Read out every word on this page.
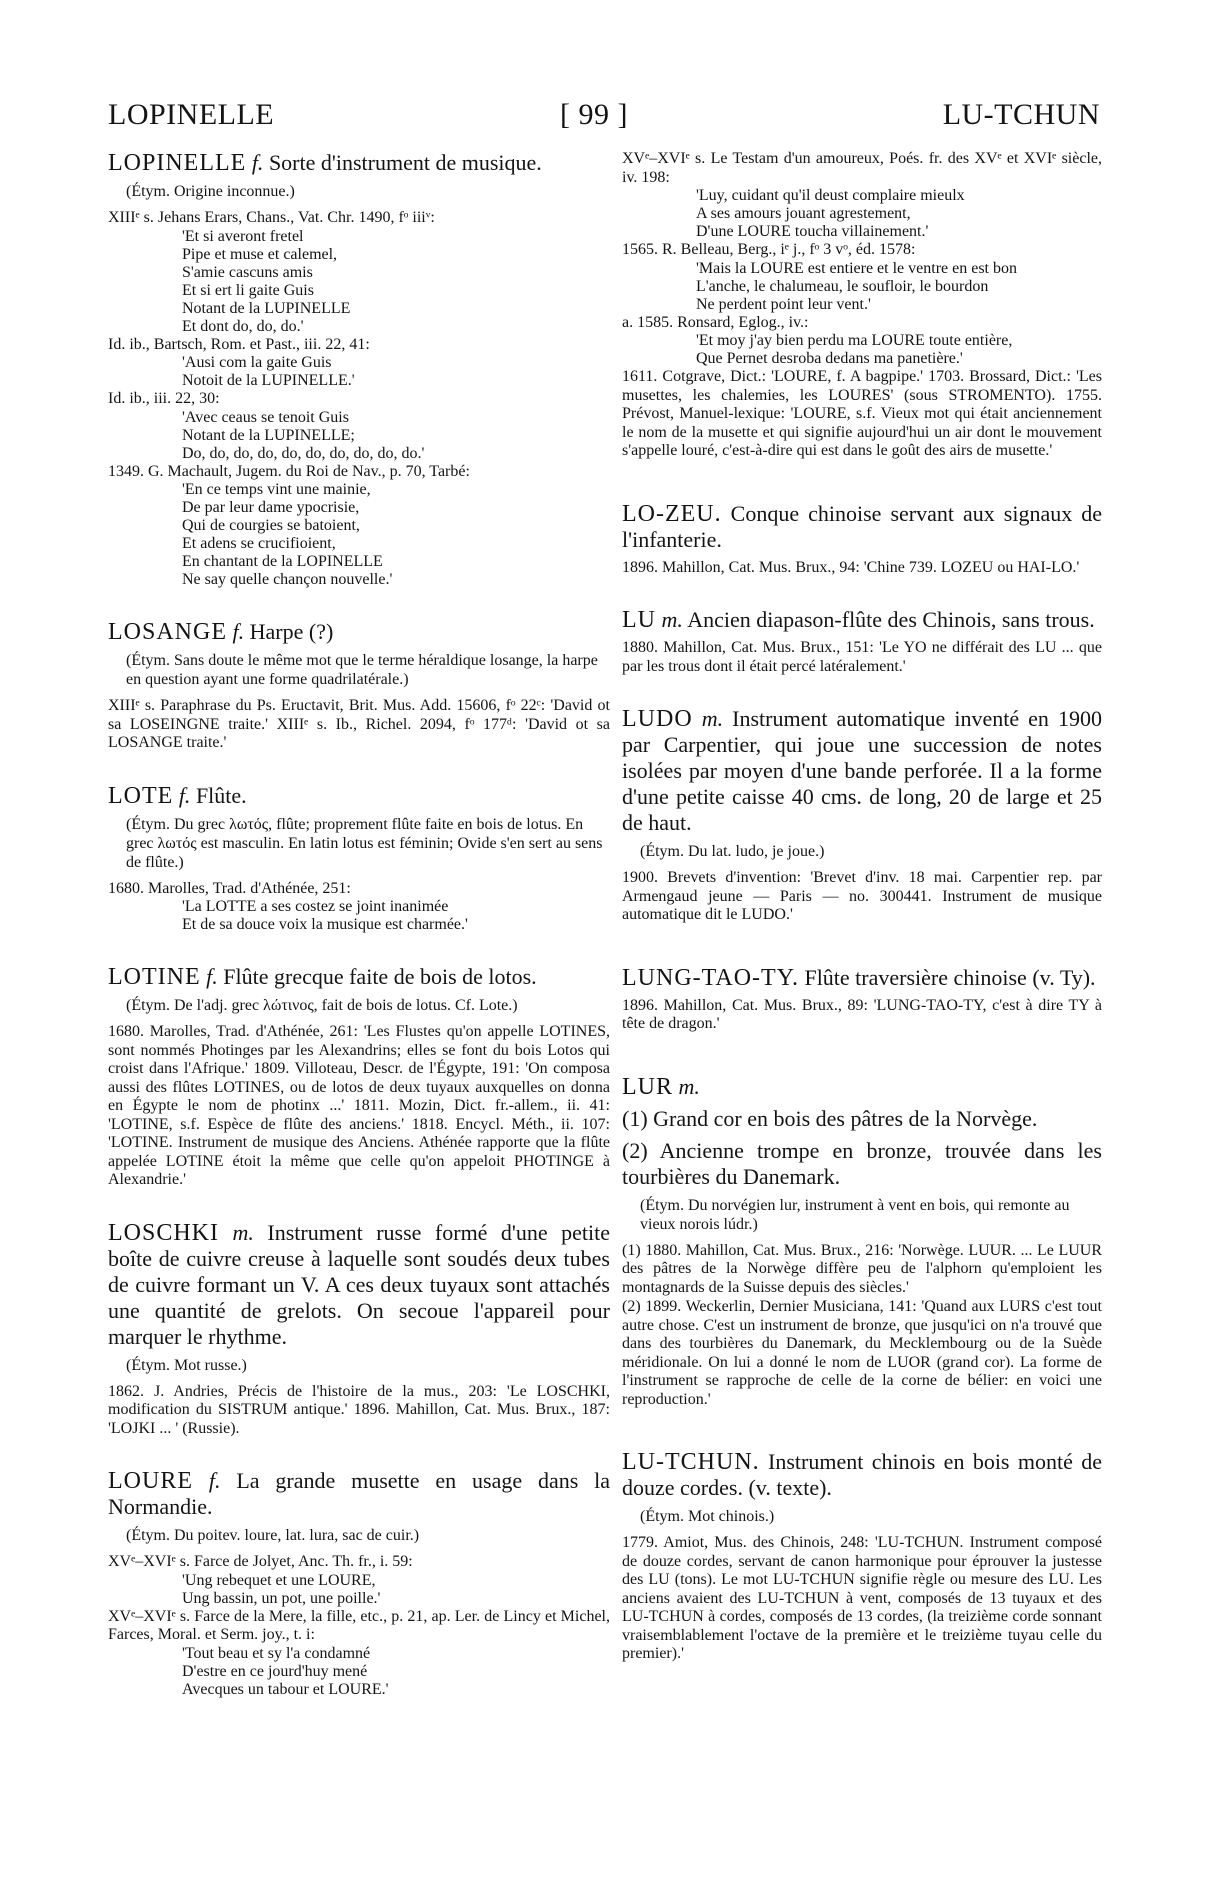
LOPINELLE	[ 99 ]	LU-TCHUN

LOPINELLE f. Sorte d'instrument de musique.

(Étym. Origine inconnue.)

XIIIᵉ s. Jehans Erars, Chans., Vat. Chr. 1490, fᵒ iiiᵛ:

'Et si averont fretel
Pipe et muse et calemel,
S'amie cascuns amis
Et si ert li gaite Guis
Notant de la LUPINELLE
Et dont do, do, do.'

Id. ib., Bartsch, Rom. et Past., iii. 22, 41:

'Ausi com la gaite Guis
Notoit de la LUPINELLE.'

Id. ib., iii. 22, 30:

'Avec ceaus se tenoit Guis
Notant de la LUPINELLE;
Do, do, do, do, do, do, do, do, do, do.'

1349. G. Machault, Jugem. du Roi de Nav., p. 70, Tarbé:

'En ce temps vint une mainie,
De par leur dame ypocrisie,
Qui de courgies se batoient,
Et adens se crucifioient,
En chantant de la LOPINELLE
Ne say quelle chançon nouvelle.'

LOSANGE f. Harpe (?)

(Étym. Sans doute le même mot que le terme héraldique losange, la harpe en question ayant une forme quadrilatérale.)

XIIIᵉ s. Paraphrase du Ps. Eructavit, Brit. Mus. Add. 15606, fᵒ 22ᶜ: 'David ot sa LOSEINGNE traite.' XIIIᵉ s. Ib., Richel. 2094, fᵒ 177ᵈ: 'David ot sa LOSANGE traite.'

LOTE f. Flûte.

(Étym. Du grec λωτός, flûte; proprement flûte faite en bois de lotus. En grec λωτός est masculin. En latin lotus est féminin; Ovide s'en sert au sens de flûte.)

1680. Marolles, Trad. d'Athénée, 251:

'La LOTTE a ses costez se joint inanimée
Et de sa douce voix la musique est charmée.'

LOTINE f. Flûte grecque faite de bois de lotos.

(Étym. De l'adj. grec λώτινος, fait de bois de lotus. Cf. Lote.)

1680. Marolles, Trad. d'Athénée, 261: 'Les Flustes qu'on appelle LOTINES, sont nommés Photinges par les Alexandrins; elles se font du bois Lotos qui croist dans l'Afrique.' 1809. Villoteau, Descr. de l'Égypte, 191: 'On composa aussi des flûtes LOTINES, ou de lotos de deux tuyaux auxquelles on donna en Égypte le nom de photinx ...' 1811. Mozin, Dict. fr.-allem., ii. 41: 'LOTINE, s.f. Espèce de flûte des anciens.' 1818. Encycl. Méth., ii. 107: 'LOTINE. Instrument de musique des Anciens. Athénée rapporte que la flûte appelée LOTINE étoit la même que celle qu'on appeloit PHOTINGE à Alexandrie.'

LOSCHKI m. Instrument russe formé d'une petite boîte de cuivre creuse à laquelle sont soudés deux tubes de cuivre formant un V. A ces deux tuyaux sont attachés une quantité de grelots. On secoue l'appareil pour marquer le rhythme.

(Étym. Mot russe.)

1862. J. Andries, Précis de l'histoire de la mus., 203: 'Le LOSCHKI, modification du SISTRUM antique.' 1896. Mahillon, Cat. Mus. Brux., 187: 'LOJKI ... ' (Russie).

LOURE f. La grande musette en usage dans la Normandie.

(Étym. Du poitev. loure, lat. lura, sac de cuir.)

XVᵉ–XVIᵉ s. Farce de Jolyet, Anc. Th. fr., i. 59:

'Ung rebequet et une LOURE,
Ung bassin, un pot, une poille.'

XVᵉ–XVIᵉ s. Farce de la Mere, la fille, etc., p. 21, ap. Ler. de Lincy et Michel, Farces, Moral. et Serm. joy., t. i:

'Tout beau et sy l'a condamné
D'estre en ce jourd'huy mené
Avecques un tabour et LOURE.'

XVᵉ–XVIᵉ s. Le Testam d'un amoureux, Poés. fr. des XVᵉ et XVIᵉ siècle, iv. 198:

'Luy, cuidant qu'il deust complaire mieulx
A ses amours jouant agrestement,
D'une LOURE toucha villainement.'

1565. R. Belleau, Berg., iᵉ j., fᵒ 3 vᵒ, éd. 1578:

'Mais la LOURE est entiere et le ventre en est bon
L'anche, le chalumeau, le soufloir, le bourdon
Ne perdent point leur vent.'

a. 1585. Ronsard, Eglog., iv.:

'Et moy j'ay bien perdu ma LOURE toute entière,
Que Pernet desroba dedans ma panetière.'

1611. Cotgrave, Dict.: 'LOURE, f. A bagpipe.' 1703. Brossard, Dict.: 'Les musettes, les chalemies, les LOURES' (sous STROMENTO). 1755. Prévost, Manuel-lexique: 'LOURE, s.f. Vieux mot qui était anciennement le nom de la musette et qui signifie aujourd'hui un air dont le mouvement s'appelle louré, c'est-à-dire qui est dans le goût des airs de musette.'

LO-ZEU. Conque chinoise servant aux signaux de l'infanterie.

1896. Mahillon, Cat. Mus. Brux., 94: 'Chine 739. LOZEU ou HAI-LO.'

LU m. Ancien diapason-flûte des Chinois, sans trous.

1880. Mahillon, Cat. Mus. Brux., 151: 'Le YO ne différait des LU ... que par les trous dont il était percé latéralement.'

LUDO m. Instrument automatique inventé en 1900 par Carpentier, qui joue une succession de notes isolées par moyen d'une bande perforée. Il a la forme d'une petite caisse 40 cms. de long, 20 de large et 25 de haut.

(Étym. Du lat. ludo, je joue.)

1900. Brevets d'invention: 'Brevet d'inv. 18 mai. Carpentier rep. par Armengaud jeune — Paris — no. 300441. Instrument de musique automatique dit le LUDO.'

LUNG-TAO-TY. Flûte traversière chinoise (v. Ty).

1896. Mahillon, Cat. Mus. Brux., 89: 'LUNG-TAO-TY, c'est à dire TY à tête de dragon.'

LUR m.

(1) Grand cor en bois des pâtres de la Norvège.

(2) Ancienne trompe en bronze, trouvée dans les tourbières du Danemark.

(Étym. Du norvégien lur, instrument à vent en bois, qui remonte au vieux norois lúdr.)

(1) 1880. Mahillon, Cat. Mus. Brux., 216: 'Norwège. LUUR. ... Le LUUR des pâtres de la Norwège diffère peu de l'alphorn qu'emploient les montagnards de la Suisse depuis des siècles.'

(2) 1899. Weckerlin, Dernier Musiciana, 141: 'Quand aux LURS c'est tout autre chose. C'est un instrument de bronze, que jusqu'ici on n'a trouvé que dans des tourbières du Danemark, du Mecklembourg ou de la Suède méridionale. On lui a donné le nom de LUOR (grand cor). La forme de l'instrument se rapproche de celle de la corne de bélier: en voici une reproduction.'

LU-TCHUN. Instrument chinois en bois monté de douze cordes. (v. texte).

(Étym. Mot chinois.)

1779. Amiot, Mus. des Chinois, 248: 'LU-TCHUN. Instrument composé de douze cordes, servant de canon harmonique pour éprouver la justesse des LU (tons). Le mot LU-TCHUN signifie règle ou mesure des LU. Les anciens avaient des LU-TCHUN à vent, composés de 13 tuyaux et des LU-TCHUN à cordes, composés de 13 cordes, (la treizième corde sonnant vraisemblablement l'octave de la première et le treizième tuyau celle du premier).'
